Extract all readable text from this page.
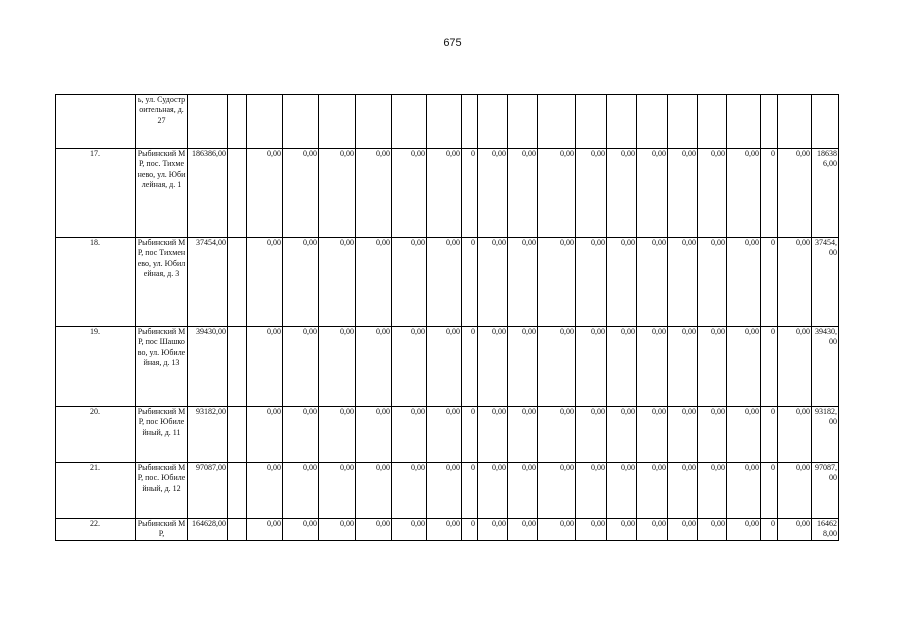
675
	ь, ул. Судостроительная, д. 27																					
17.	Рыбинский МР, пос. Тихменево, ул. Юбилейная, д. 1	186386,00		0,00	0,00	0,00	0,00	0,00	0,00	0	0,00	0,00	0,00	0,00	0,00	0,00	0,00	0,00	0,00	0	0,00	186386,00
18.	Рыбинский МР, пос Тихменево, ул. Юбилейная, д. 3	37454,00		0,00	0,00	0,00	0,00	0,00	0,00	0	0,00	0,00	0,00	0,00	0,00	0,00	0,00	0,00	0,00	0	0,00	37454,00
19.	Рыбинский МР, пос Шашково, ул. Юбилейная, д. 13	39430,00		0,00	0,00	0,00	0,00	0,00	0,00	0	0,00	0,00	0,00	0,00	0,00	0,00	0,00	0,00	0,00	0	0,00	39430,00
20.	Рыбинский МР, пос Юбилейный, д. 11	93182,00		0,00	0,00	0,00	0,00	0,00	0,00	0	0,00	0,00	0,00	0,00	0,00	0,00	0,00	0,00	0,00	0	0,00	93182,00
21.	Рыбинский МР, пос. Юбилейный, д. 12	97087,00		0,00	0,00	0,00	0,00	0,00	0,00	0	0,00	0,00	0,00	0,00	0,00	0,00	0,00	0,00	0,00	0	0,00	97087,00
22.	Рыбинский МР,	164628,00		0,00	0,00	0,00	0,00	0,00	0,00	0	0,00	0,00	0,00	0,00	0,00	0,00	0,00	0,00	0,00	0	0,00	164628,00
